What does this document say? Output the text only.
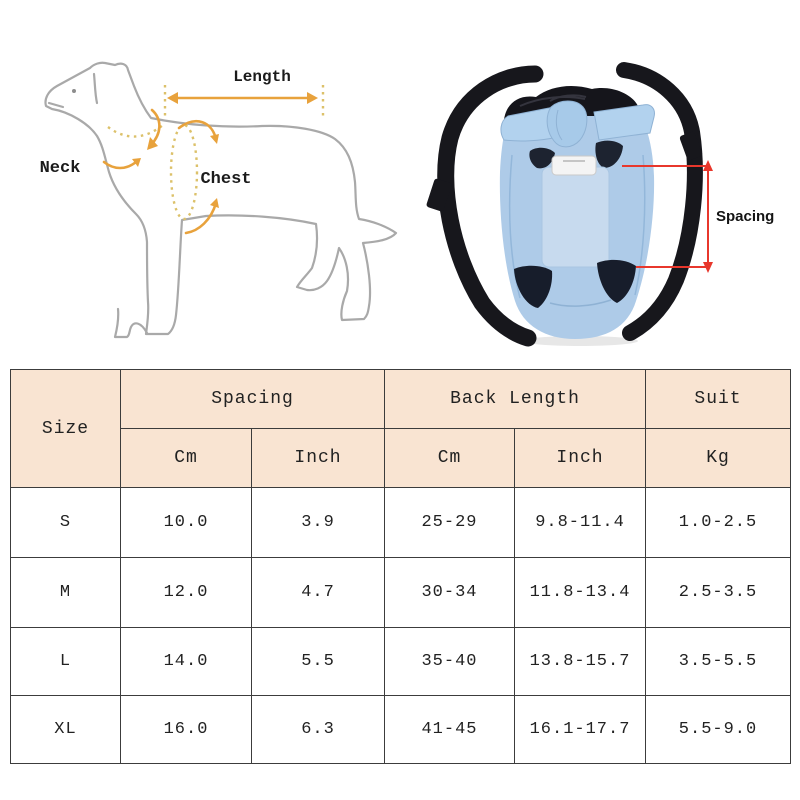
Length
Neck
Chest
Spacing
Size	Spacing		Back Length		Suit
	Cm	Inch	Cm	Inch	Kg
S	10.0	3.9	25-29	9.8-11.4	1.0-2.5
M	12.0	4.7	30-34	11.8-13.4	2.5-3.5
L	14.0	5.5	35-40	13.8-15.7	3.5-5.5
XL	16.0	6.3	41-45	16.1-17.7	5.5-9.0
